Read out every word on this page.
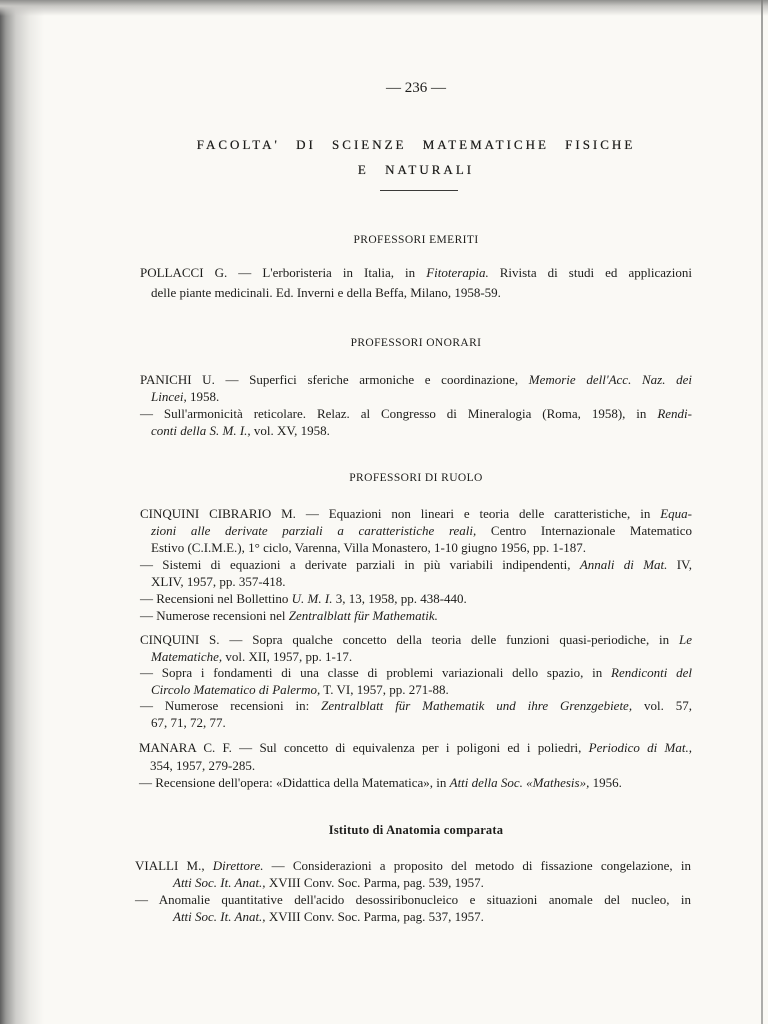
— 236 —
FACOLTA' DI SCIENZE MATEMATICHE FISICHE
E NATURALI
PROFESSORI EMERITI
POLLACCI G. — L'erboristeria in Italia, in Fitoterapia. Rivista di studi ed applicazioni
delle piante medicinali. Ed. Inverni e della Beffa, Milano, 1958-59.
PROFESSORI ONORARI
PANICHI U. — Superfici sferiche armoniche e coordinazione, Memorie dell'Acc. Naz. dei
Lincei, 1958.
— Sull'armonicità reticolare. Relaz. al Congresso di Mineralogia (Roma, 1958), in Rendi-
conti della S. M. I., vol. XV, 1958.
PROFESSORI DI RUOLO
CINQUINI CIBRARIO M. — Equazioni non lineari e teoria delle caratteristiche, in Equa-
zioni alle derivate parziali a caratteristiche reali, Centro Internazionale Matematico
Estivo (C.I.M.E.), 1° ciclo, Varenna, Villa Monastero, 1-10 giugno 1956, pp. 1-187.
— Sistemi di equazioni a derivate parziali in più variabili indipendenti, Annali di Mat. IV,
XLIV, 1957, pp. 357-418.
— Recensioni nel Bollettino U. M. I. 3, 13, 1958, pp. 438-440.
— Numerose recensioni nel Zentralblatt für Mathematik.
CINQUINI S. — Sopra qualche concetto della teoria delle funzioni quasi-periodiche, in Le
Matematiche, vol. XII, 1957, pp. 1-17.
— Sopra i fondamenti di una classe di problemi variazionali dello spazio, in Rendiconti del
Circolo Matematico di Palermo, T. VI, 1957, pp. 271-88.
— Numerose recensioni in: Zentralblatt für Mathematik und ihre Grenzgebiete, vol. 57,
67, 71, 72, 77.
MANARA C. F. — Sul concetto di equivalenza per i poligoni ed i poliedri, Periodico di Mat.,
354, 1957, 279-285.
— Recensione dell'opera: «Didattica della Matematica», in Atti della Soc. «Mathesis», 1956.
Istituto di Anatomia comparata
VIALLI M., Direttore. — Considerazioni a proposito del metodo di fissazione congelazione, in
Atti Soc. It. Anat., XVIII Conv. Soc. Parma, pag. 539, 1957.
— Anomalie quantitative dell'acido desossiribonucleico e situazioni anomale del nucleo, in
Atti Soc. It. Anat., XVIII Conv. Soc. Parma, pag. 537, 1957.
